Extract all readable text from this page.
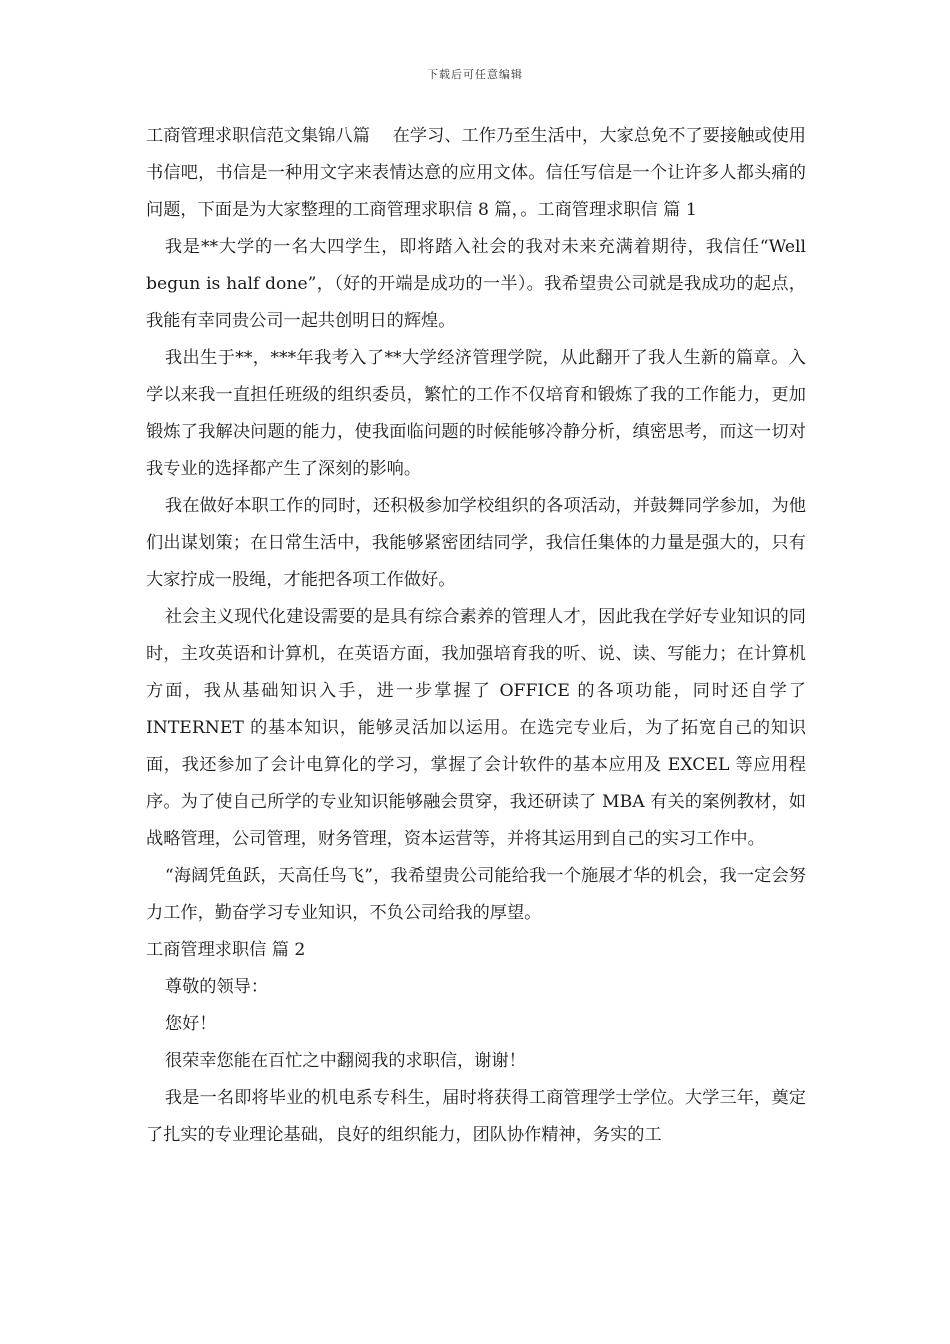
下载后可任意编辑

工商管理求职信范文集锦八篇　 在学习、工作乃至生活中，大家总免不了要接触或使用书信吧，书信是一种用文字来表情达意的应用文体。信任写信是一个让许多人都头痛的问题，下面是为大家整理的工商管理求职信 8 篇，。工商管理求职信 篇 1

我是**大学的一名大四学生，即将踏入社会的我对未来充满着期待，我信任“Well begun is half done”，（好的开端是成功的一半）。我希望贵公司就是我成功的起点，我能有幸同贵公司一起共创明日的辉煌。

我出生于**，***年我考入了**大学经济管理学院，从此翻开了我人生新的篇章。入学以来我一直担任班级的组织委员，繁忙的工作不仅培育和锻炼了我的工作能力，更加锻炼了我解决问题的能力，使我面临问题的时候能够冷静分析，缜密思考，而这一切对我专业的选择都产生了深刻的影响。

我在做好本职工作的同时，还积极参加学校组织的各项活动，并鼓舞同学参加，为他们出谋划策；在日常生活中，我能够紧密团结同学，我信任集体的力量是强大的，只有大家拧成一股绳，才能把各项工作做好。

社会主义现代化建设需要的是具有综合素养的管理人才，因此我在学好专业知识的同时，主攻英语和计算机，在英语方面，我加强培育我的听、说、读、写能力；在计算机方面，我从基础知识入手，进一步掌握了 OFFICE 的各项功能，同时还自学了 INTERNET 的基本知识，能够灵活加以运用。在选完专业后，为了拓宽自己的知识面，我还参加了会计电算化的学习，掌握了会计软件的基本应用及 EXCEL 等应用程序。为了使自己所学的专业知识能够融会贯穿，我还研读了 MBA 有关的案例教材，如战略管理，公司管理，财务管理，资本运营等，并将其运用到自己的实习工作中。

“海阔凭鱼跃，天高任鸟飞”，我希望贵公司能给我一个施展才华的机会，我一定会努力工作，勤奋学习专业知识，不负公司给我的厚望。

工商管理求职信 篇 2

尊敬的领导：

您好！

很荣幸您能在百忙之中翻阅我的求职信，谢谢！

我是一名即将毕业的机电系专科生，届时将获得工商管理学士学位。大学三年，奠定了扎实的专业理论基础，良好的组织能力，团队协作精神，务实的工
